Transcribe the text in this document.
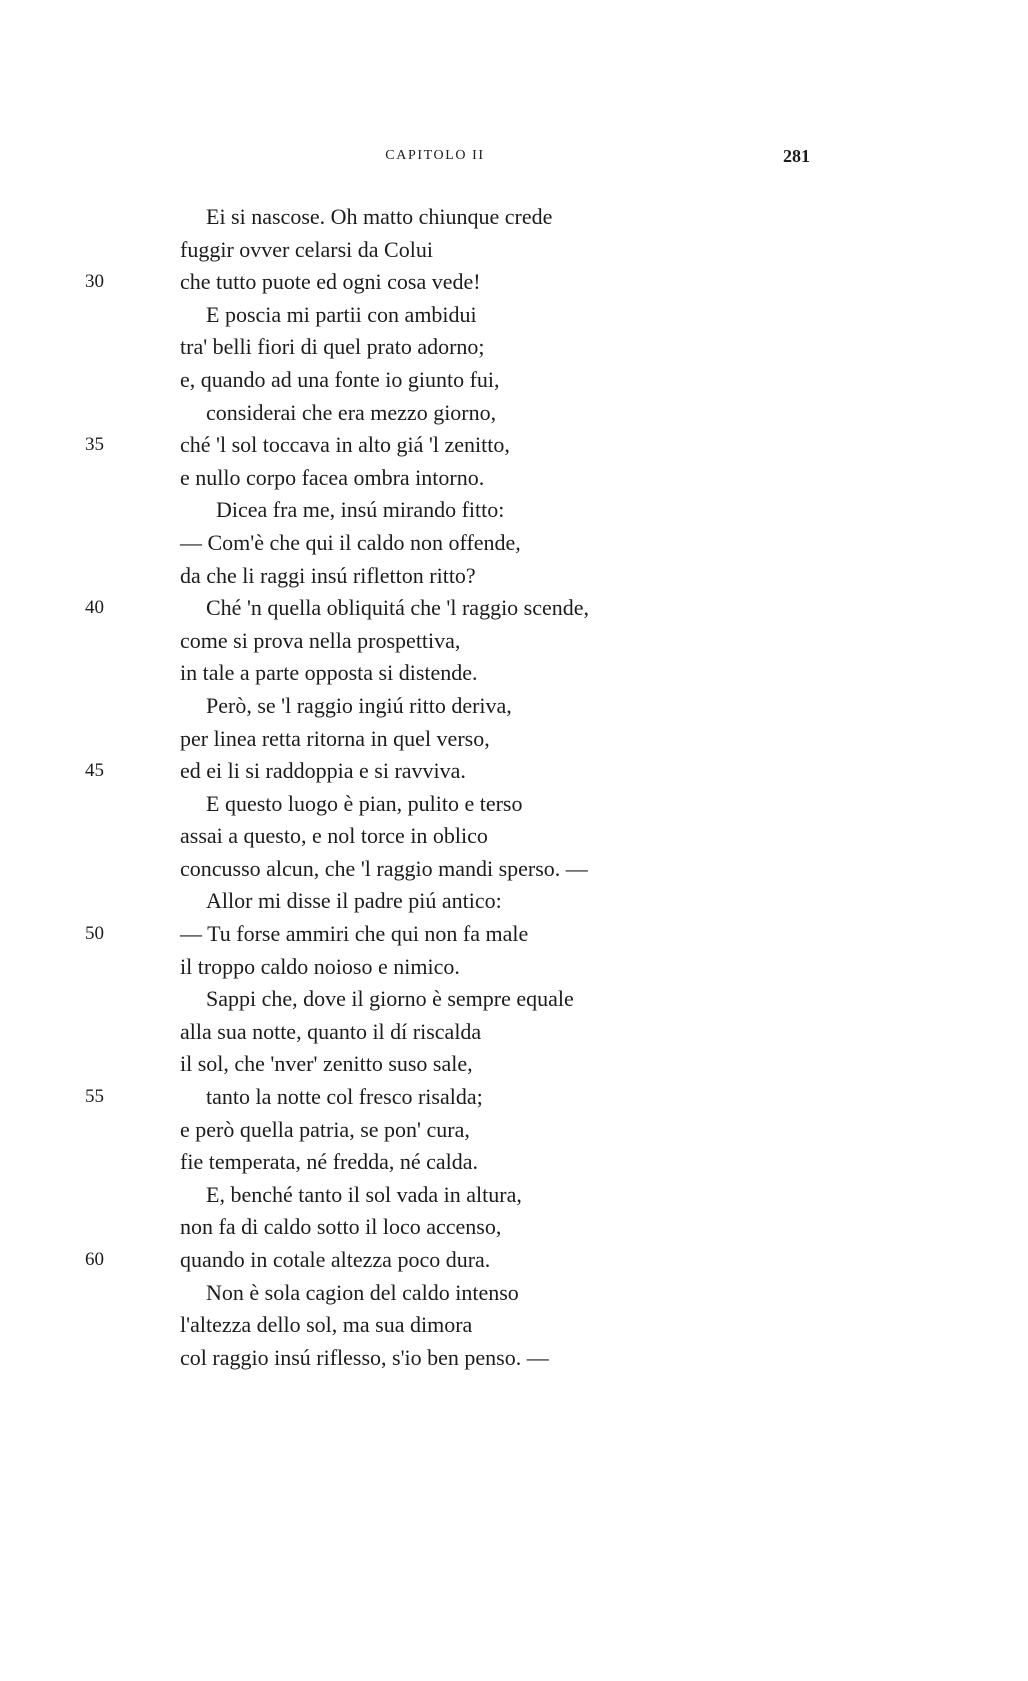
CAPITOLO II	281
Ei si nascose. Oh matto chiunque crede
fuggir ovver celarsi da Colui
30	che tutto puote ed ogni cosa vede!
E poscia mi partii con ambidui
tra' belli fiori di quel prato adorno;
e, quando ad una fonte io giunto fui,
considerai che era mezzo giorno,
35	ché 'l sol toccava in alto giá 'l zenitto,
e nullo corpo facea ombra intorno.
Dicea fra me, insú mirando fitto:
— Com'è che qui il caldo non offende,
da che li raggi insú rifletton ritto?
40	Ché 'n quella obliquitá che 'l raggio scende,
come si prova nella prospettiva,
in tale a parte opposta si distende.
Però, se 'l raggio ingiú ritto deriva,
per linea retta ritorna in quel verso,
45	ed ei li si raddoppia e si ravviva.
E questo luogo è pian, pulito e terso
assai a questo, e nol torce in oblico
concusso alcun, che 'l raggio mandi sperso. —
Allor mi disse il padre piú antico:
50	— Tu forse ammiri che qui non fa male
il troppo caldo noioso e nimico.
Sappi che, dove il giorno è sempre equale
alla sua notte, quanto il dí riscalda
il sol, che 'nver' zenitto suso sale,
55	tanto la notte col fresco risalda;
e però quella patria, se pon' cura,
fie temperata, né fredda, né calda.
E, benché tanto il sol vada in altura,
non fa di caldo sotto il loco accenso,
60	quando in cotale altezza poco dura.
Non è sola cagion del caldo intenso
l'altezza dello sol, ma sua dimora
col raggio insú riflesso, s'io ben penso. —
